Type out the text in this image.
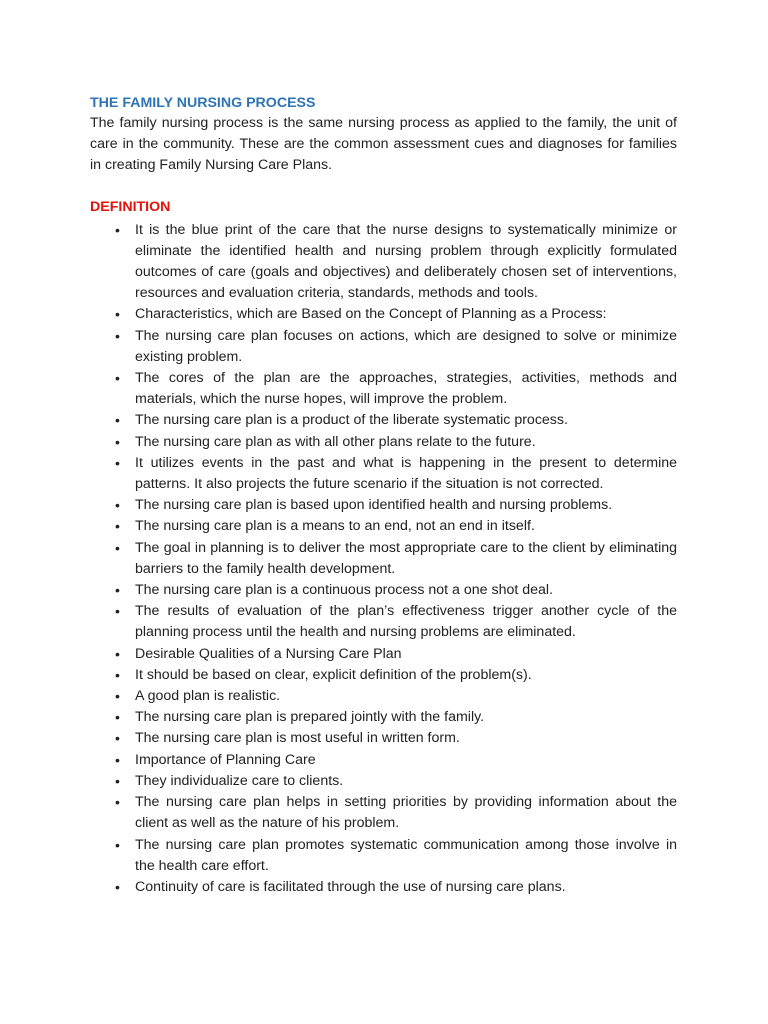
THE FAMILY NURSING PROCESS

The family nursing process is the same nursing process as applied to the family, the unit of care in the community. These are the common assessment cues and diagnoses for families in creating Family Nursing Care Plans.

DEFINITION
• It is the blue print of the care that the nurse designs to systematically minimize or eliminate the identified health and nursing problem through explicitly formulated outcomes of care (goals and objectives) and deliberately chosen set of interventions, resources and evaluation criteria, standards, methods and tools.
• Characteristics, which are Based on the Concept of Planning as a Process:
• The nursing care plan focuses on actions, which are designed to solve or minimize existing problem.
• The cores of the plan are the approaches, strategies, activities, methods and materials, which the nurse hopes, will improve the problem.
• The nursing care plan is a product of the liberate systematic process.
• The nursing care plan as with all other plans relate to the future.
• It utilizes events in the past and what is happening in the present to determine patterns. It also projects the future scenario if the situation is not corrected.
• The nursing care plan is based upon identified health and nursing problems.
• The nursing care plan is a means to an end, not an end in itself.
• The goal in planning is to deliver the most appropriate care to the client by eliminating barriers to the family health development.
• The nursing care plan is a continuous process not a one shot deal.
• The results of evaluation of the plan’s effectiveness trigger another cycle of the planning process until the health and nursing problems are eliminated.
• Desirable Qualities of a Nursing Care Plan
• It should be based on clear, explicit definition of the problem(s).
• A good plan is realistic.
• The nursing care plan is prepared jointly with the family.
• The nursing care plan is most useful in written form.
• Importance of Planning Care
• They individualize care to clients.
• The nursing care plan helps in setting priorities by providing information about the client as well as the nature of his problem.
• The nursing care plan promotes systematic communication among those involve in the health care effort.
• Continuity of care is facilitated through the use of nursing care plans.
